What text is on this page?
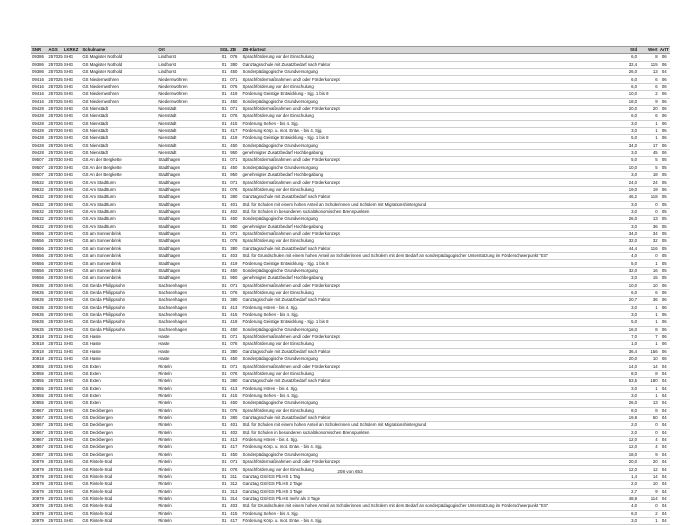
SNR	AGS	LKRKZ	Schulname	Ort	SGL	ZB	ZB-Klartext	Std	Wert	ArtT
09386	257025	SHG	GS Magister Nothold	Lindhorst	01	076	Sprachförderung vor der Einschulung	6,0	8	06
09386	257025	SHG	GS Magister Nothold	Lindhorst	01	380	Ganztagsschule mit Zusatzbedarf nach Faktor	32,4	115	06
09386	257025	SHG	GS Magister Nothold	Lindhorst	01	450	Sonderpädagogische Grundversorgung	26,0	13	04
09416	257025	SHG	GS Niedernwöhren	Niedernwöhren	01	071	Sprachfördermaßnahmen und/ oder Förderkonzept	6,0	6	06
09416	257025	SHG	GS Niedernwöhren	Niedernwöhren	01	076	Sprachförderung vor der Einschulung	6,0	6	06
09416	257025	SHG	GS Niedernwöhren	Niedernwöhren	01	419	Förderung Geistige Entwicklung - Sjg. 1 bis 8	10,0	2	06
09416	257025	SHG	GS Niedernwöhren	Niedernwöhren	01	450	Sonderpädagogische Grundversorgung	18,0	9	06
09428	257026	SHG	GS Nienstädt	Nienstädt	01	071	Sprachfördermaßnahmen und/ oder Förderkonzept	20,0	20	06
09428	257026	SHG	GS Nienstädt	Nienstädt	01	076	Sprachförderung vor der Einschulung	6,0	6	06
09428	257026	SHG	GS Nienstädt	Nienstädt	01	415	Förderung Sehen - bis 4. Sjg.	3,0	1	06
09428	257026	SHG	GS Nienstädt	Nienstädt	01	417	Förderung Körp. u. mot. Entw. - bis 4. Sjg.	3,0	1	06
09428	257026	SHG	GS Nienstädt	Nienstädt	01	419	Förderung Geistige Entwicklung - Sjg. 1 bis 8	5,0	1	06
09428	257026	SHG	GS Nienstädt	Nienstädt	01	450	Sonderpädagogische Grundversorgung	34,0	17	06
09428	257026	SHG	GS Nienstädt	Nienstädt	01	950	genehmigter Zusatzbedarf Hochbegabung	3,0	45	06
09507	257030	SHG	GS An der Bergkette	Stadthagen	01	071	Sprachfördermaßnahmen und/ oder Förderkonzept	5,0	5	05
09507	257030	SHG	GS An der Bergkette	Stadthagen	01	450	Sonderpädagogische Grundversorgung	10,0	5	05
09507	257030	SHG	GS An der Bergkette	Stadthagen	01	950	genehmigter Zusatzbedarf Hochbegabung	3,0	18	05
09532	257030	SHG	GS Am Stadtturm	Stadthagen	01	071	Sprachfördermaßnahmen und/ oder Förderkonzept	24,0	24	05
09532	257030	SHG	GS Am Stadtturm	Stadthagen	01	076	Sprachförderung vor der Einschulung	19,0	19	06
09532	257030	SHG	GS Am Stadtturm	Stadthagen	01	380	Ganztagsschule mit Zusatzbedarf nach Faktor	46,2	118	05
09532	257030	SHG	GS Am Stadtturm	Stadthagen	01	401	Std. für Schulen mit einem hohen Anteil an Schülerinnen und Schülern mit Migrationshintergrund	3,0	0	05
09532	257030	SHG	GS Am Stadtturm	Stadthagen	01	402	Std. für Schulen in besonderen sozialökonomischen Brennpunkten	3,0	0	05
09532	257030	SHG	GS Am Stadtturm	Stadthagen	01	450	Sonderpädagogische Grundversorgung	26,0	13	05
09532	257030	SHG	GS Am Stadtturm	Stadthagen	01	950	genehmigter Zusatzbedarf Hochbegabung	3,0	36	05
09556	257030	SHG	GS am Sonnenbrink	Stadthagen	01	071	Sprachfördermaßnahmen und/ oder Förderkonzept	34,0	34	05
09556	257030	SHG	GS am Sonnenbrink	Stadthagen	01	076	Sprachförderung vor der Einschulung	32,0	32	05
09556	257030	SHG	GS am Sonnenbrink	Stadthagen	01	380	Ganztagsschule mit Zusatzbedarf nach Faktor	44,4	116	05
09556	257030	SHG	GS am Sonnenbrink	Stadthagen	01	403	Std. für Grundschulen mit einem hohen Anteil an Schülerinnen und Schülern mit dem Bedarf an sonderpädagogischer Unterstützung im Förderschwerpunkt "ES"	4,0	0	05
09556	257030	SHG	GS am Sonnenbrink	Stadthagen	01	419	Förderung Geistige Entwicklung - Sjg. 1 bis 8	5,0	1	05
09556	257030	SHG	GS am Sonnenbrink	Stadthagen	01	450	Sonderpädagogische Grundversorgung	32,0	16	05
09556	257030	SHG	GS am Sonnenbrink	Stadthagen	01	950	genehmigter Zusatzbedarf Hochbegabung	3,0	15	05
09635	257030	SHG	GS Gerda Philippsohn	Sachsenhagen	01	071	Sprachfördermaßnahmen und/ oder Förderkonzept	10,0	10	06
09635	257030	SHG	GS Gerda Philippsohn	Sachsenhagen	01	076	Sprachförderung vor der Einschulung	6,0	6	06
09635	257030	SHG	GS Gerda Philippsohn	Sachsenhagen	01	380	Ganztagsschule mit Zusatzbedarf nach Faktor	20,7	36	06
09635	257030	SHG	GS Gerda Philippsohn	Sachsenhagen	01	413	Förderung Hören - bis 4. Sjg.	3,0	1	06
09635	257030	SHG	GS Gerda Philippsohn	Sachsenhagen	01	415	Förderung Sehen - bis 4. Sjg.	3,0	1	06
09635	257030	SHG	GS Gerda Philippsohn	Sachsenhagen	01	419	Förderung Geistige Entwicklung - Sjg. 1 bis 8	5,0	1	06
09635	257030	SHG	GS Gerda Philippsohn	Sachsenhagen	01	450	Sonderpädagogische Grundversorgung	16,0	8	06
30818	257011	SHG	GS Haste	Haste	01	071	Sprachfördermaßnahmen und/ oder Förderkonzept	7,0	7	06
30818	257011	SHG	GS Haste	Haste	01	076	Sprachförderung vor der Einschulung	1,0	1	06
30818	257011	SHG	GS Haste	Haste	01	380	Ganztagsschule mit Zusatzbedarf nach Faktor	36,4	156	06
30818	257011	SHG	GS Haste	Haste	01	450	Sonderpädagogische Grundversorgung	20,0	10	06
30855	257031	SHG	GS Exten	Rinteln	01	071	Sprachfördermaßnahmen und/ oder Förderkonzept	14,0	14	04
30855	257031	SHG	GS Exten	Rinteln	01	076	Sprachförderung vor der Einschulung	8,0	8	04
30855	257031	SHG	GS Exten	Rinteln	01	380	Ganztagsschule mit Zusatzbedarf nach Faktor	53,5	180	04
30855	257031	SHG	GS Exten	Rinteln	01	413	Förderung Hören - bis 4. Sjg.	3,0	1	04
30855	257031	SHG	GS Exten	Rinteln	01	415	Förderung Sehen - bis 4. Sjg.	3,0	1	04
30855	257031	SHG	GS Exten	Rinteln	01	450	Sonderpädagogische Grundversorgung	26,0	13	04
30867	257031	SHG	GS Deckbergen	Rinteln	01	076	Sprachförderung vor der Einschulung	8,0	8	04
30867	257031	SHG	GS Deckbergen	Rinteln	01	380	Ganztagsschule mit Zusatzbedarf nach Faktor	19,8	50	04
30867	257031	SHG	GS Deckbergen	Rinteln	01	401	Std. für Schulen mit einem hohen Anteil an Schülerinnen und Schülern mit Migrationshintergrund	2,0	0	04
30867	257031	SHG	GS Deckbergen	Rinteln	01	402	Std. für Schulen in besonderen sozialökonomischen Brennpunkten	2,0	0	04
30867	257031	SHG	GS Deckbergen	Rinteln	01	413	Förderung Hören - bis 4. Sjg.	12,0	4	04
30867	257031	SHG	GS Deckbergen	Rinteln	01	417	Förderung Körp. u. mot. Entw. - bis 4. Sjg.	12,0	4	04
30867	257031	SHG	GS Deckbergen	Rinteln	01	450	Sonderpädagogische Grundversorgung	18,0	9	04
30879	257031	SHG	GS Rinteln-Süd	Rinteln	01	071	Sprachfördermaßnahmen und/ oder Förderkonzept	20,0	20	04
30879	257031	SHG	GS Rinteln-Süd	Rinteln	01	076	Sprachförderung vor der Einschulung	12,0	12	04
30879	257031	SHG	GS Rinteln-Süd	Rinteln	01	311	Ganztag GS/IGS Pb.HS 1 Tag	1,4	14	04
30879	257031	SHG	GS Rinteln-Süd	Rinteln	01	312	Ganztag GS/IGS Pb.HS 2 Tage	2,0	10	04
30879	257031	SHG	GS Rinteln-Süd	Rinteln	01	313	Ganztag GS/IGS Pb.HS 3 Tage	2,7	9	04
30879	257031	SHG	GS Rinteln-Süd	Rinteln	01	314	Ganztag GS/IGS Pb.HS mehr als 3 Tage	48,8	114	04
30879	257031	SHG	GS Rinteln-Süd	Rinteln	01	403	Std. für Grundschulen mit einem hohen Anteil an Schülerinnen und Schülern mit dem Bedarf an sonderpädagogischer Unterstützung im Förderschwerpunkt "ES"	4,0	0	04
30879	257031	SHG	GS Rinteln-Süd	Rinteln	01	415	Förderung Sehen - bis 4. Sjg.	6,0	2	04
30879	257031	SHG	GS Rinteln-Süd	Rinteln	01	417	Förderung Körp. u. mot. Entw. - bis 4. Sjg.	3,0	1	04
208 von 653
